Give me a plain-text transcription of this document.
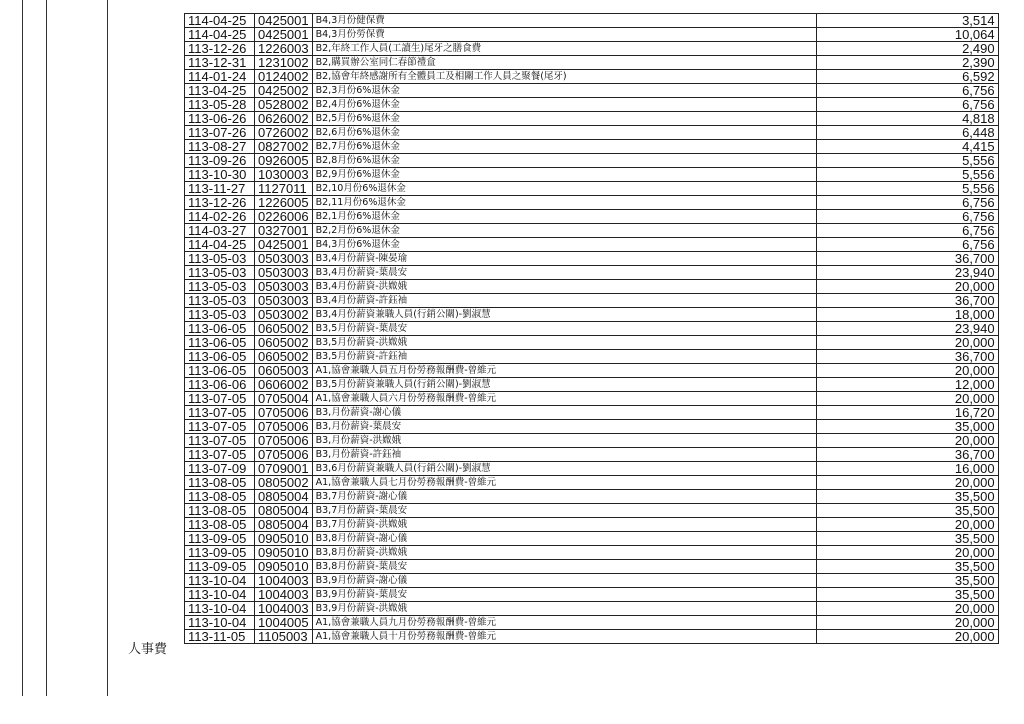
人事費
114-04-25	0425001	B4,3月份健保費	3,514
114-04-25	0425001	B4,3月份勞保費	10,064
113-12-26	1226003	B2,年終工作人員(工讀生)尾牙之膳食費	2,490
113-12-31	1231002	B2,購買辦公室同仁春節禮盒	2,390
114-01-24	0124002	B2,協會年終感謝所有全體員工及相關工作人員之聚餐(尾牙)	6,592
113-04-25	0425002	B2,3月份6%退休金	6,756
113-05-28	0528002	B2,4月份6%退休金	6,756
113-06-26	0626002	B2,5月份6%退休金	4,818
113-07-26	0726002	B2,6月份6%退休金	6,448
113-08-27	0827002	B2,7月份6%退休金	4,415
113-09-26	0926005	B2,8月份6%退休金	5,556
113-10-30	1030003	B2,9月份6%退休金	5,556
113-11-27	1127011	B2,10月份6%退休金	5,556
113-12-26	1226005	B2,11月份6%退休金	6,756
114-02-26	0226006	B2,1月份6%退休金	6,756
114-03-27	0327001	B2,2月份6%退休金	6,756
114-04-25	0425001	B4,3月份6%退休金	6,756
113-05-03	0503003	B3,4月份薪資-陳晏瑜	36,700
113-05-03	0503003	B3,4月份薪資-葉晨安	23,940
113-05-03	0503003	B3,4月份薪資-洪媺娥	20,000
113-05-03	0503003	B3,4月份薪資-許鈺袖	36,700
113-05-03	0503002	B3,4月份薪資兼職人員(行銷公關)-劉淑慧	18,000
113-06-05	0605002	B3,5月份薪資-葉晨安	23,940
113-06-05	0605002	B3,5月份薪資-洪媺娥	20,000
113-06-05	0605002	B3,5月份薪資-許鈺袖	36,700
113-06-05	0605003	A1,協會兼職人員五月份勞務報酬費-曾維元	20,000
113-06-06	0606002	B3,5月份薪資兼職人員(行銷公關)-劉淑慧	12,000
113-07-05	0705004	A1,協會兼職人員六月份勞務報酬費-曾維元	20,000
113-07-05	0705006	B3,月份薪資-謝心儀	16,720
113-07-05	0705006	B3,月份薪資-葉晨安	35,000
113-07-05	0705006	B3,月份薪資-洪媺娥	20,000
113-07-05	0705006	B3,月份薪資-許鈺袖	36,700
113-07-09	0709001	B3,6月份薪資兼職人員(行銷公關)-劉淑慧	16,000
113-08-05	0805002	A1,協會兼職人員七月份勞務報酬費-曾維元	20,000
113-08-05	0805004	B3,7月份薪資-謝心儀	35,500
113-08-05	0805004	B3,7月份薪資-葉晨安	35,500
113-08-05	0805004	B3,7月份薪資-洪媺娥	20,000
113-09-05	0905010	B3,8月份薪資-謝心儀	35,500
113-09-05	0905010	B3,8月份薪資-洪媺娥	20,000
113-09-05	0905010	B3,8月份薪資-葉晨安	35,500
113-10-04	1004003	B3,9月份薪資-謝心儀	35,500
113-10-04	1004003	B3,9月份薪資-葉晨安	35,500
113-10-04	1004003	B3,9月份薪資-洪媺娥	20,000
113-10-04	1004005	A1,協會兼職人員九月份勞務報酬費-曾維元	20,000
113-11-05	1105003	A1,協會兼職人員十月份勞務報酬費-曾維元	20,000
